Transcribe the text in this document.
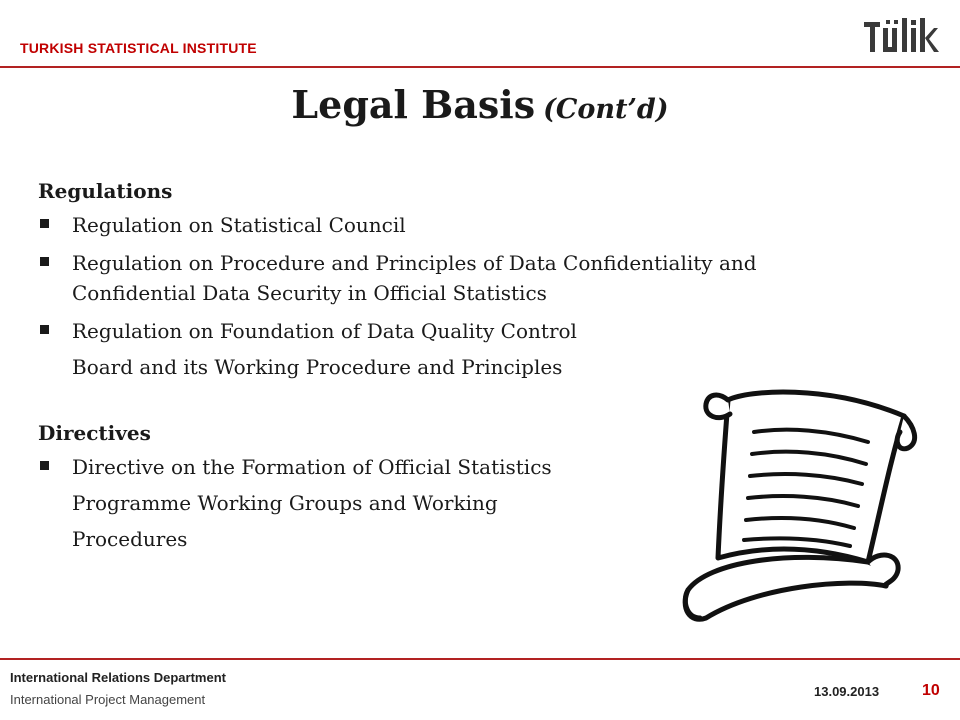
TURKISH STATISTICAL INSTITUTE
Legal Basis (Cont’d)

Regulations

Regulation on Statistical Council
Regulation on Procedure and Principles of Data Confidentiality and Confidential Data Security in Official Statistics
Regulation on Foundation of Data Quality Control
Board and its Working Procedure and Principles

Directives

Directive on the Formation of Official Statistics
Programme Working Groups and Working
Procedures
International Relations Department
International Project Management
13.09.2013	10
